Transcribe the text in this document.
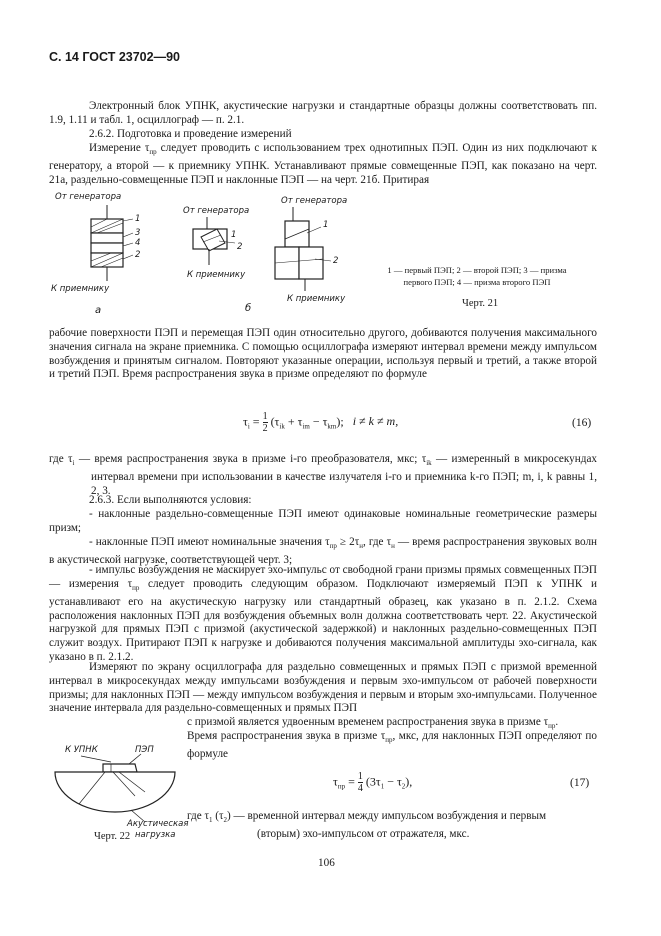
С. 14 ГОСТ 23702—90
Электронный блок УПНК, акустические нагрузки и стандартные образцы должны соответствовать пп. 1.9, 1.11 и табл. 1, осциллограф — п. 2.1.
2.6.2. Подготовка и проведение измерений
Измерение $\tau_{пр}$ следует проводить с использованием трех однотипных ПЭП. Один из них подключают к генератору, а второй — к приемнику УПНК. Устанавливают прямые совмещенные ПЭП, как показано на черт. 21а, раздельно-совмещенные ПЭП и наклонные ПЭП — на черт. 21б. Притирая
От генератора
1
3
4
2
К приемнику
а
От генератора
1
2
К приемнику
б
От генератора
1
2
К приемнику
1 — первый ПЭП; 2 — второй ПЭП; 3 — призма
первого ПЭП; 4 — призма второго ПЭП
Черт. 21
рабочие поверхности ПЭП и перемещая ПЭП один относительно другого, добиваются получения максимального значения сигнала на экране приемника. С помощью осциллографа измеряют интервал времени между импульсом возбуждения и принятым сигналом. Повторяют указанные операции, используя первый и третий, а также второй и третий ПЭП. Время распространения звука в призме определяют по формуле
$\tau_i = \frac{1}{2} (\tau_{ik} + \tau_{im} - \tau_{km})$; i ≠ k ≠ m,	(16)
где $\tau_i$ — время распространения звука в призме i-го преобразователя, мкс; $\tau_{ik}$ — измеренный в микросекундах интервал времени при использовании в качестве излучателя i-го и приемника k-го ПЭП; m, i, k равны 1, 2, 3.
2.6.3. Если выполняются условия:
- наклонные раздельно-совмещенные ПЭП имеют одинаковые номинальные геометрические размеры призм;
- наклонные ПЭП имеют номинальные значения $\tau_{пр} \ge 2\tau_н$, где $\tau_н$ — время распространения звуковых волн в акустической нагрузке, соответствующей черт. 3;
- импульс возбуждения не маскирует эхо-импульс от свободной грани призмы прямых совмещенных ПЭП — измерения $\tau_{пр}$ следует проводить следующим образом. Подключают измеряемый ПЭП к УПНК и устанавливают его на акустическую нагрузку или стандартный образец, как указано в п. 2.1.2. Схема расположения наклонных ПЭП для возбуждения объемных волн должна соответствовать черт. 22. Акустической нагрузкой для прямых ПЭП с призмой (акустической задержкой) и наклонных раздельно-совмещенных ПЭП служит воздух. Притирают ПЭП к нагрузке и добиваются получения максимальной амплитуды эхо-сигнала, как указано в п. 2.1.2.
Измеряют по экрану осциллографа для раздельно совмещенных и прямых ПЭП с призмой временной интервал в микросекундах между импульсами возбуждения и первым эхо-импульсом от рабочей поверхности призмы; для наклонных ПЭП — между импульсом возбуждения и первым и вторым эхо-импульсами. Полученное значение интервала для раздельно-совмещенных и прямых ПЭП
с призмой является удвоенным временем распространения звука в призме $\tau_{пр}$.
Время распространения звука в призме $\tau_{пр}$, мкс, для наклонных ПЭП определяют по формуле
К УПНК	ПЭП
Акустическая
нагрузка
Черт. 22
$\tau_{пр} = \frac{1}{4} (3\tau_1 - \tau_2)$,	(17)
где $\tau_1$ $(\tau_2)$ — временной интервал между импульсом возбуждения и первым
(вторым) эхо-импульсом от отражателя, мкс.
106
